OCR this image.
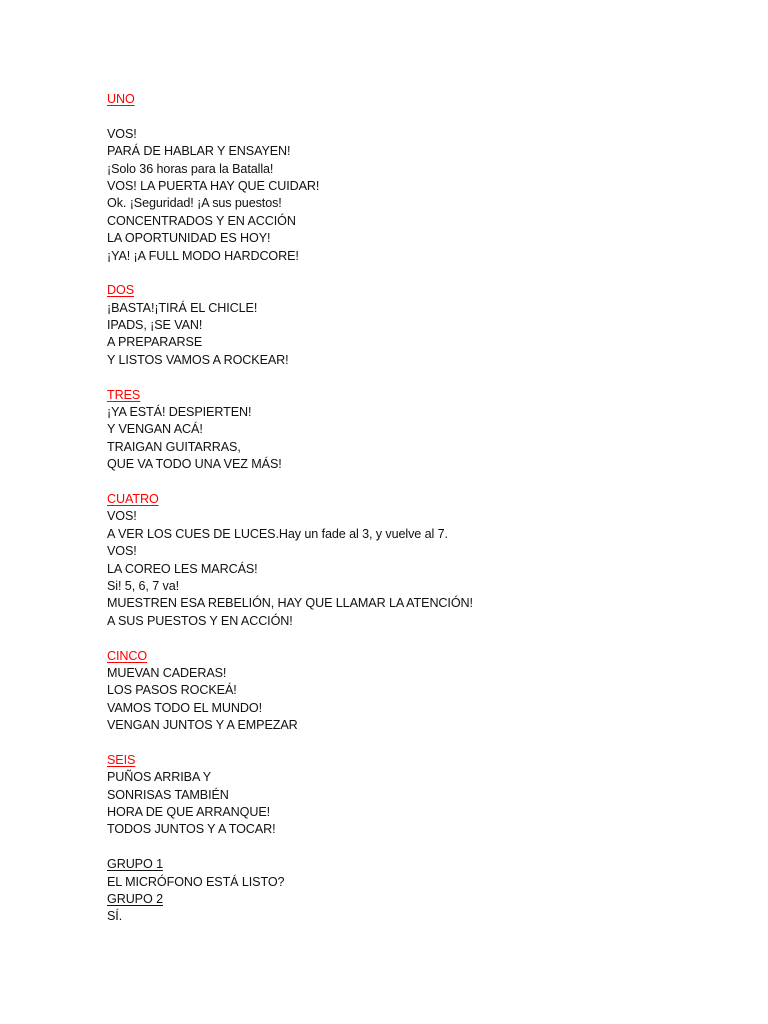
UNO
VOS!
PARÁ DE HABLAR Y ENSAYEN!
¡Solo 36 horas para la Batalla!
VOS! LA PUERTA HAY QUE CUIDAR!
Ok. ¡Seguridad! ¡A sus puestos!
CONCENTRADOS Y EN ACCIÓN
LA OPORTUNIDAD ES HOY!
¡YA! ¡A FULL MODO HARDCORE!
DOS
¡BASTA!¡TIRÁ EL CHICLE!
IPADS, ¡SE VAN!
A PREPARARSE
Y LISTOS VAMOS A ROCKEAR!
TRES
¡YA ESTÁ! DESPIERTEN!
Y VENGAN ACÁ!
TRAIGAN GUITARRAS,
QUE VA TODO UNA VEZ MÁS!
CUATRO
VOS!
A VER LOS CUES DE LUCES.Hay un fade al 3, y vuelve al 7.
VOS!
LA COREO LES MARCÁS!
Si! 5, 6, 7 va!
MUESTREN ESA REBELIÓN, HAY QUE LLAMAR LA ATENCIÓN!
A SUS PUESTOS Y EN ACCIÓN!
CINCO
MUEVAN CADERAS!
LOS PASOS ROCKEÁ!
VAMOS TODO EL MUNDO!
VENGAN JUNTOS Y A EMPEZAR
SEIS
PUÑOS ARRIBA Y
SONRISAS TAMBIÉN
HORA DE QUE ARRANQUE!
TODOS JUNTOS Y A TOCAR!
GRUPO 1
EL MICRÓFONO ESTÁ LISTO?
GRUPO 2
SÍ.
